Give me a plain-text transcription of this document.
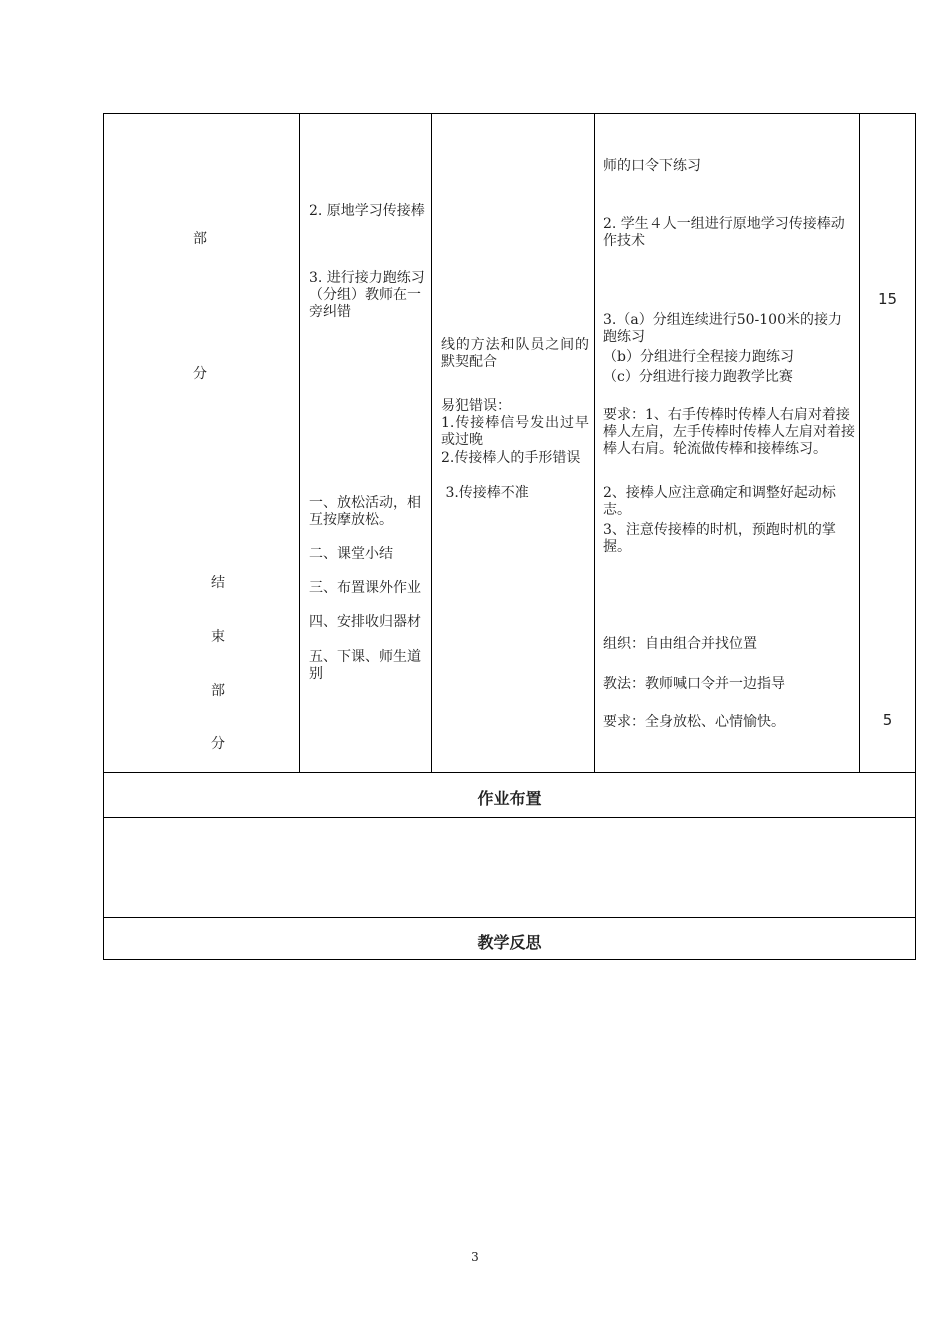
部
分
结
束
部
分
2. 原地学习传接棒
3. 进行接力跑练习（分组）教师在一旁纠错
一、放松活动，相互按摩放松。
二、课堂小结
三、布置课外作业
四、安排收归器材
五、下课、师生道别
线的方法和队员之间的默契配合
易犯错误：
1.传接棒信号发出过早或过晚
2.传接棒人的手形错误
3.传接棒不准
师的口令下练习
2. 学生４人一组进行原地学习传接棒动作技术
3.（a）分组连续进行50-100米的接力跑练习
（b）分组进行全程接力跑练习
（c）分组进行接力跑教学比赛
要求：1、右手传棒时传棒人右肩对着接棒人左肩，左手传棒时传棒人左肩对着接棒人右肩。轮流做传棒和接棒练习。
2、接棒人应注意确定和调整好起动标志。
3、注意传接棒的时机，预跑时机的掌握。
组织：自由组合并找位置
教法：教师喊口令并一边指导
要求：全身放松、心情愉快。
15
5
作业布置
教学反思
3
